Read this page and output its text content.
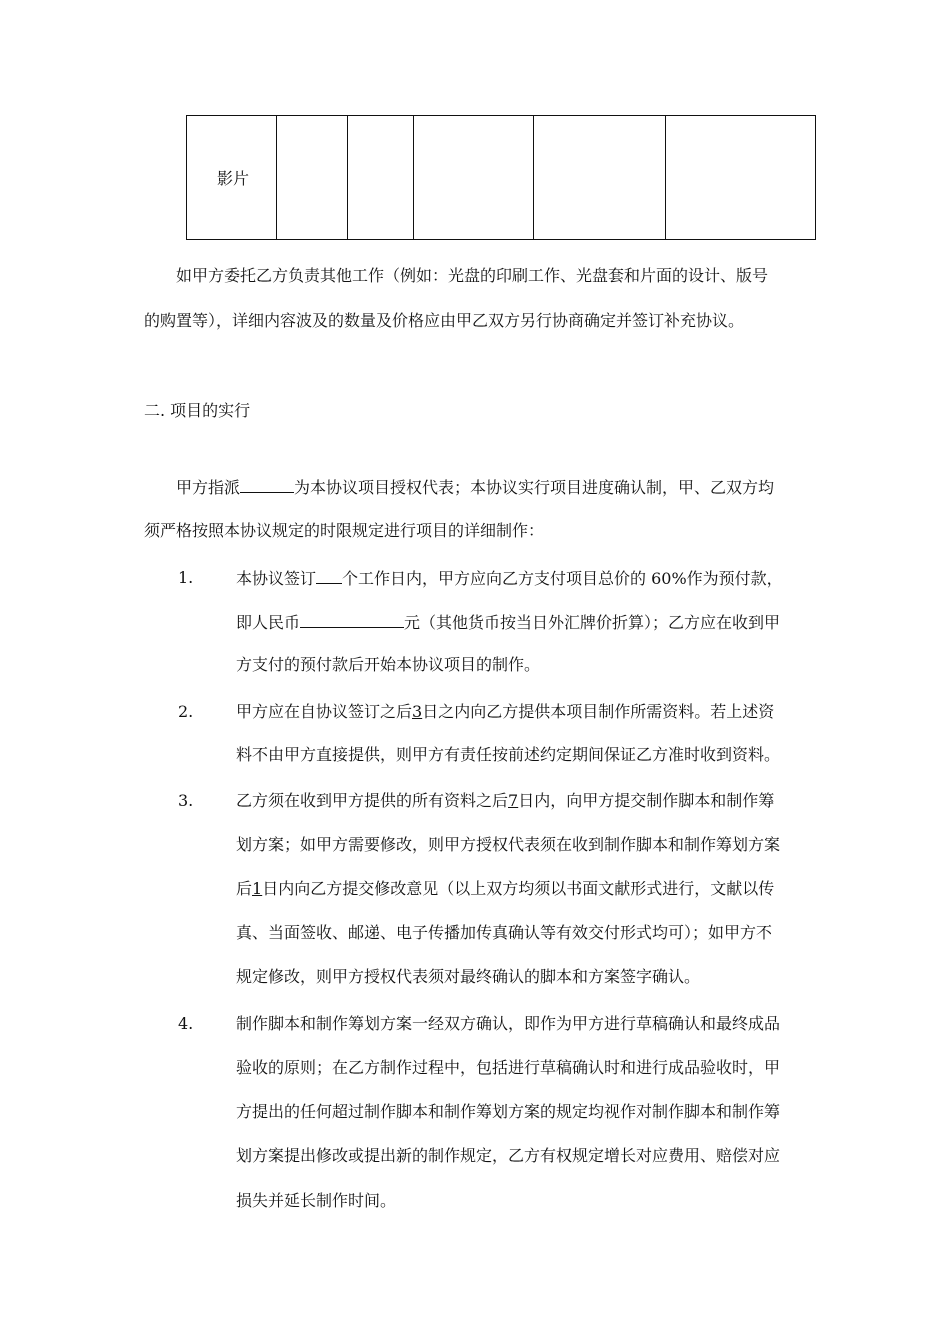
影片					
如甲方委托乙方负责其他工作（例如：光盘的印刷工作、光盘套和片面的设计、版号
的购置等），详细内容波及的数量及价格应由甲乙双方另行协商确定并签订补充协议。
二. 项目的实行
甲方指派	为本协议项目授权代表；本协议实行项目进度确认制，甲、乙双方均
须严格按照本协议规定的时限规定进行项目的详细制作：
1.	本协议签订 个工作日内，甲方应向乙方支付项目总价的 60%作为预付款，
即人民币	元（其他货币按当日外汇牌价折算）；乙方应在收到甲
方支付的预付款后开始本协议项目的制作。
2.	甲方应在自协议签订之后3日之内向乙方提供本项目制作所需资料。若上述资
料不由甲方直接提供，则甲方有责任按前述约定期间保证乙方准时收到资料。
3.	乙方须在收到甲方提供的所有资料之后7日内，向甲方提交制作脚本和制作筹
划方案；如甲方需要修改，则甲方授权代表须在收到制作脚本和制作筹划方案
后1日内向乙方提交修改意见（以上双方均须以书面文献形式进行，文献以传
真、当面签收、邮递、电子传播加传真确认等有效交付形式均可）；如甲方不
规定修改，则甲方授权代表须对最终确认的脚本和方案签字确认。
4.	制作脚本和制作筹划方案一经双方确认，即作为甲方进行草稿确认和最终成品
验收的原则；在乙方制作过程中，包括进行草稿确认时和进行成品验收时，甲
方提出的任何超过制作脚本和制作筹划方案的规定均视作对制作脚本和制作筹
划方案提出修改或提出新的制作规定，乙方有权规定增长对应费用、赔偿对应
损失并延长制作时间。
